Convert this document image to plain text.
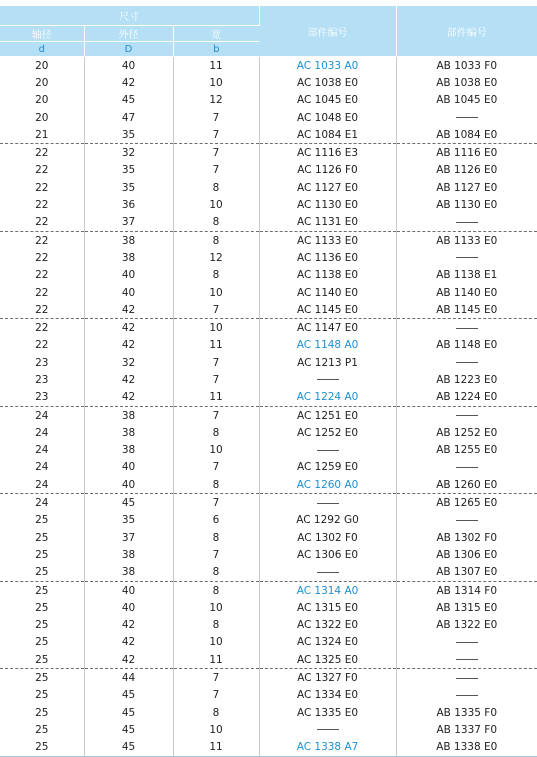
尺寸			部件编号	部件编号
轴径	外径	宽		
d	D	b		
20	40	11	AC 1033 A0	AB 1033 F0
20	42	10	AC 1038 E0	AB 1038 E0
20	45	12	AC 1045 E0	AB 1045 E0
20	47	7	AC 1048 E0	
21	35	7	AC 1084 E1	AB 1084 E0
22	32	7	AC 1116 E3	AB 1116 E0
22	35	7	AC 1126 F0	AB 1126 E0
22	35	8	AC 1127 E0	AB 1127 E0
22	36	10	AC 1130 E0	AB 1130 E0
22	37	8	AC 1131 E0	
22	38	8	AC 1133 E0	AB 1133 E0
22	38	12	AC 1136 E0	
22	40	8	AC 1138 E0	AB 1138 E1
22	40	10	AC 1140 E0	AB 1140 E0
22	42	7	AC 1145 E0	AB 1145 E0
22	42	10	AC 1147 E0	
22	42	11	AC 1148 A0	AB 1148 E0
23	32	7	AC 1213 P1	
23	42	7		AB 1223 E0
23	42	11	AC 1224 A0	AB 1224 E0
24	38	7	AC 1251 E0	
24	38	8	AC 1252 E0	AB 1252 E0
24	38	10		AB 1255 E0
24	40	7	AC 1259 E0	
24	40	8	AC 1260 A0	AB 1260 E0
24	45	7		AB 1265 E0
25	35	6	AC 1292 G0	
25	37	8	AC 1302 F0	AB 1302 F0
25	38	7	AC 1306 E0	AB 1306 E0
25	38	8		AB 1307 E0
25	40	8	AC 1314 A0	AB 1314 F0
25	40	10	AC 1315 E0	AB 1315 E0
25	42	8	AC 1322 E0	AB 1322 E0
25	42	10	AC 1324 E0	
25	42	11	AC 1325 E0	
25	44	7	AC 1327 F0	
25	45	7	AC 1334 E0	
25	45	8	AC 1335 E0	AB 1335 F0
25	45	10		AB 1337 F0
25	45	11	AC 1338 A7	AB 1338 E0
